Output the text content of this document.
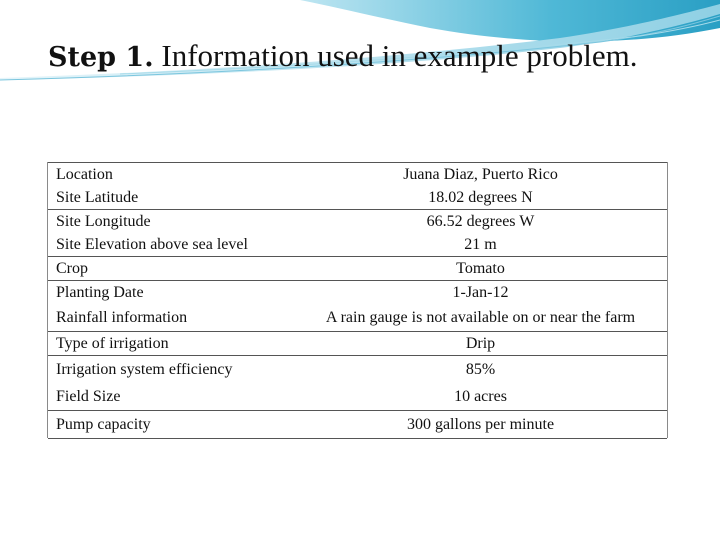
Step 1. Information used in example problem.
Location	Juana Diaz, Puerto Rico
Site Latitude	18.02 degrees N
Site Longitude	66.52 degrees W
Site Elevation above sea level	21 m
Crop	Tomato
Planting Date	1-Jan-12
Rainfall information	A rain gauge is not available on or near the farm
Type of irrigation	Drip
Irrigation system efficiency	85%
Field Size	10 acres
Pump capacity	300 gallons per minute
